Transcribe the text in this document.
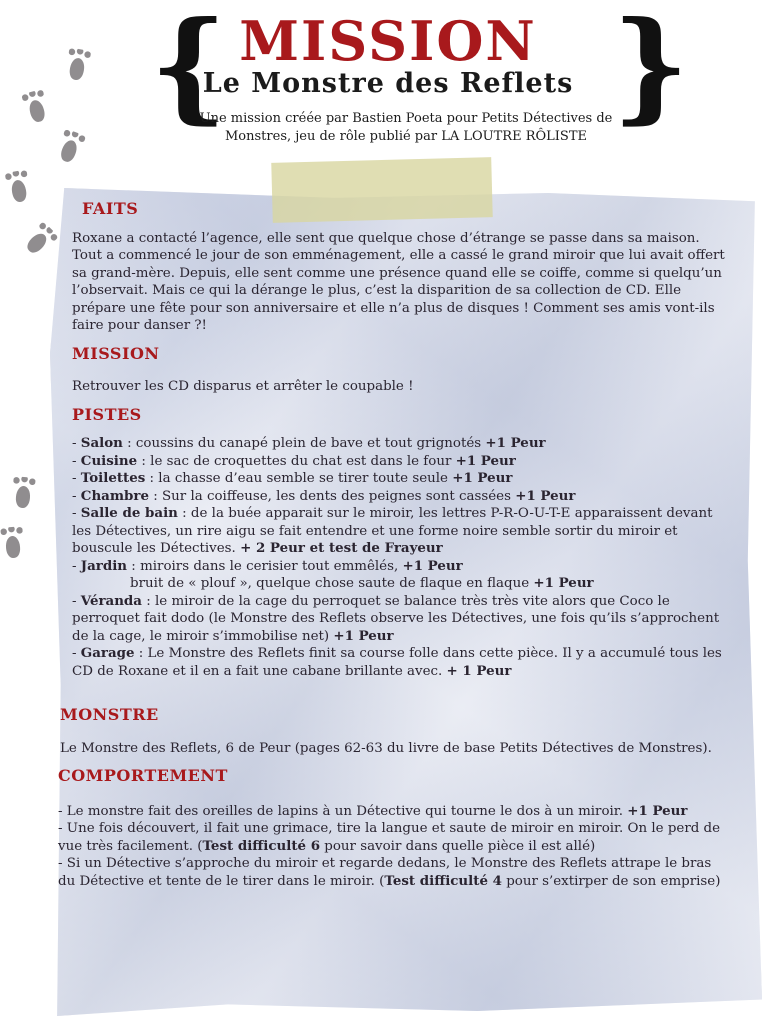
{	}
MISSION
Le Monstre des Reflets
Une mission créée par Bastien Poeta pour Petits Détectives de Monstres, jeu de rôle publié par LA LOUTRE RÔLISTE
FAITS

Roxane a contacté l’agence, elle sent que quelque chose d’étrange se passe dans sa maison. Tout a commencé le jour de son emménagement, elle a cassé le grand miroir que lui avait offert sa grand-mère. Depuis, elle sent comme une présence quand elle se coiffe, comme si quelqu’un l’observait. Mais ce qui la dérange le plus, c’est la disparition de sa collection de CD. Elle prépare une fête pour son anniversaire et elle n’a plus de disques ! Comment ses amis vont-ils faire pour danser ?!

MISSION

Retrouver les CD disparus et arrêter le coupable !

PISTES

- Salon : coussins du canapé plein de bave et tout grignotés +1 Peur

- Cuisine : le sac de croquettes du chat est dans le four +1 Peur

- Toilettes : la chasse d’eau semble se tirer toute seule +1 Peur

- Chambre : Sur la coiffeuse, les dents des peignes sont cassées +1 Peur

- Salle de bain : de la buée apparait sur le miroir, les lettres P-R-O-U-T-E apparaissent devant les Détectives, un rire aigu se fait entendre et une forme noire semble sortir du miroir et bouscule les Détectives. + 2 Peur et test de Frayeur

- Jardin : miroirs dans le cerisier tout emmêlés, +1 Peur

bruit de « plouf », quelque chose saute de flaque en flaque +1 Peur

- Véranda : le miroir de la cage du perroquet se balance très très vite alors que Coco le perroquet fait dodo (le Monstre des Reflets observe les Détectives, une fois qu’ils s’approchent de la cage, le miroir s’immobilise net) +1 Peur

- Garage : Le Monstre des Reflets finit sa course folle dans cette pièce. Il y a accumulé tous les CD de Roxane et il en a fait une cabane brillante avec. + 1 Peur

MONSTRE

Le Monstre des Reflets, 6 de Peur (pages 62-63 du livre de base Petits Détectives de Monstres).

COMPORTEMENT

- Le monstre fait des oreilles de lapins à un Détective qui tourne le dos à un miroir. +1 Peur

- Une fois découvert, il fait une grimace, tire la langue et saute de miroir en miroir. On le perd de vue très facilement. (Test difficulté 6 pour savoir dans quelle pièce il est allé)

- Si un Détective s’approche du miroir et regarde dedans, le Monstre des Reflets attrape le bras du Détective et tente de le tirer dans le miroir. (Test difficulté 4 pour s’extirper de son emprise)
